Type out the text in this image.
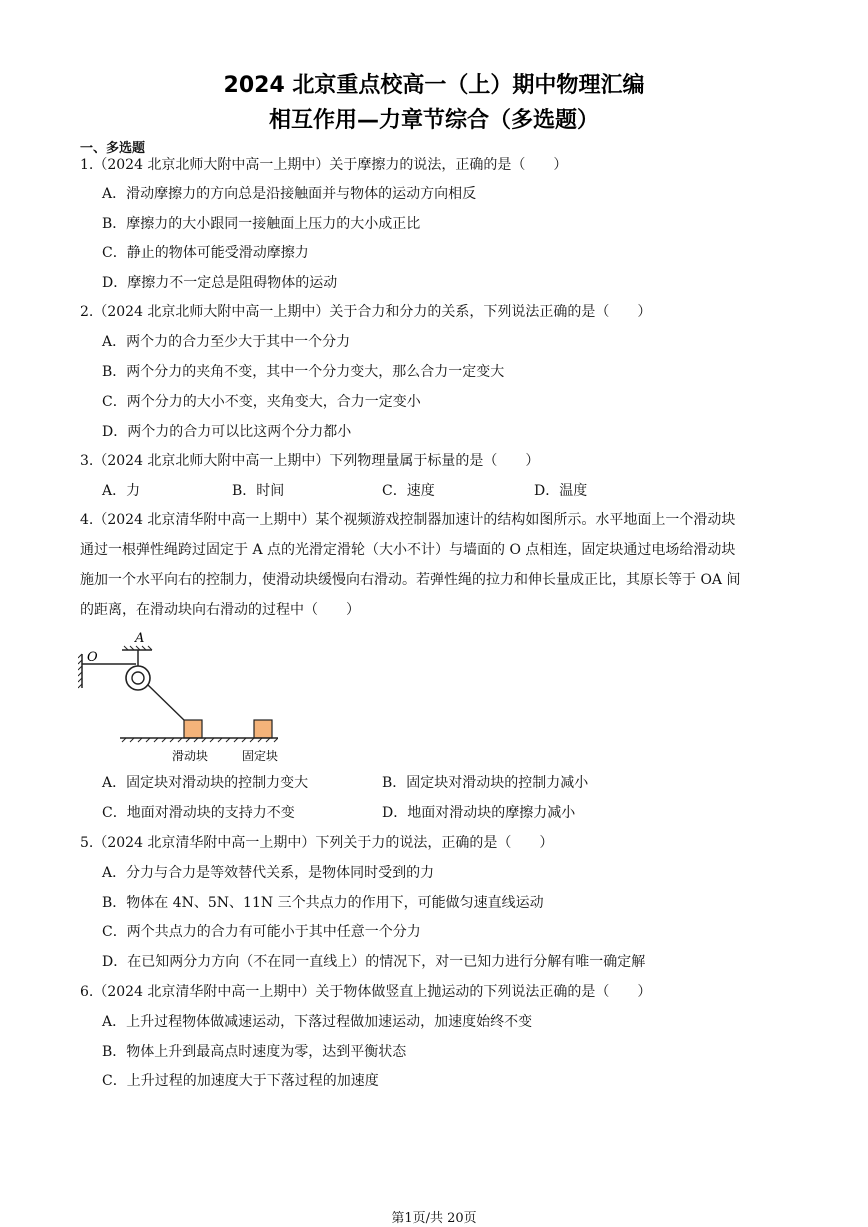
2024 北京重点校高一（上）期中物理汇编
相互作用—力章节综合（多选题）
一、多选题
1.（2024 北京北师大附中高一上期中）关于摩擦力的说法，正确的是（　　）
A．滑动摩擦力的方向总是沿接触面并与物体的运动方向相反
B．摩擦力的大小跟同一接触面上压力的大小成正比
C．静止的物体可能受滑动摩擦力
D．摩擦力不一定总是阻碍物体的运动
2.（2024 北京北师大附中高一上期中）关于合力和分力的关系，下列说法正确的是（　　）
A．两个力的合力至少大于其中一个分力
B．两个分力的夹角不变，其中一个分力变大，那么合力一定变大
C．两个分力的大小不变，夹角变大，合力一定变小
D．两个力的合力可以比这两个分力都小
3.（2024 北京北师大附中高一上期中）下列物理量属于标量的是（　　）
A．力	B．时间	C．速度	D．温度
4.（2024 北京清华附中高一上期中）某个视频游戏控制器加速计的结构如图所示。水平地面上一个滑动块
通过一根弹性绳跨过固定于 A 点的光滑定滑轮（大小不计）与墙面的 O 点相连，固定块通过电场给滑动块
施加一个水平向右的控制力，使滑动块缓慢向右滑动。若弹性绳的拉力和伸长量成正比，其原长等于 OA 间
的距离，在滑动块向右滑动的过程中（　　）
O
A
滑动块	固定块
A．固定块对滑动块的控制力变大	B．固定块对滑动块的控制力减小
C．地面对滑动块的支持力不变	D．地面对滑动块的摩擦力减小
5.（2024 北京清华附中高一上期中）下列关于力的说法，正确的是（　　）
A．分力与合力是等效替代关系，是物体同时受到的力
B．物体在 4N、5N、11N 三个共点力的作用下，可能做匀速直线运动
C．两个共点力的合力有可能小于其中任意一个分力
D．在已知两分力方向（不在同一直线上）的情况下，对一已知力进行分解有唯一确定解
6.（2024 北京清华附中高一上期中）关于物体做竖直上抛运动的下列说法正确的是（　　）
A．上升过程物体做减速运动，下落过程做加速运动，加速度始终不变
B．物体上升到最高点时速度为零，达到平衡状态
C．上升过程的加速度大于下落过程的加速度
第1页/共 20页
